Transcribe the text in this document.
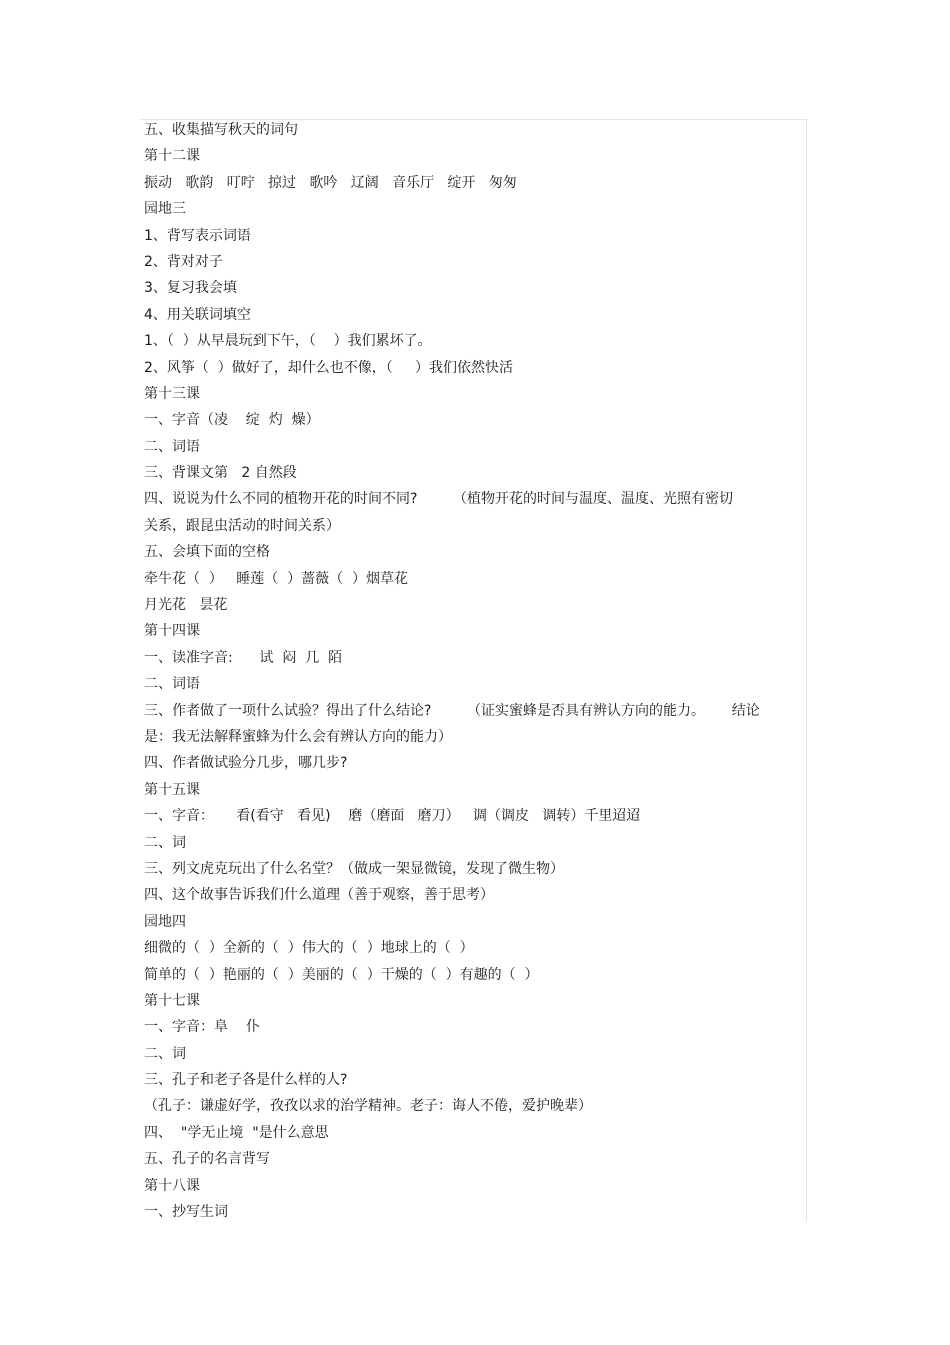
五、收集描写秋天的词句
第十二课
振动   歌韵   叮咛   掠过   歌吟   辽阔   音乐厅   绽开   匆匆
园地三
1、背写表示词语
2、背对对子
3、复习我会填
4、用关联词填空
1、（  ）从早晨玩到下午，（    ）我们累坏了。
2、风筝（  ）做好了，却什么也不像，（     ）我们依然快活
第十三课
一、字音（凌    绽  灼  燥）
二、词语
三、背课文第   2 自然段
四、说说为什么不同的植物开花的时间不同?        （植物开花的时间与温度、温度、光照有密切
关系，跟昆虫活动的时间关系）
五、会填下面的空格
牵牛花（  ）   睡莲（  ）蔷薇（  ）烟草花
月光花   昙花
第十四课
一、读准字音:      试  闷  几  陌
二、词语
三、作者做了一项什么试验？得出了什么结论?        （证实蜜蜂是否具有辨认方向的能力。      结论
是：我无法解释蜜蜂为什么会有辨认方向的能力）
四、作者做试验分几步，哪几步?
第十五课
一、字音：     看(看守   看见)    磨（磨面   磨刀）   调（调皮   调转）千里迢迢
二、词
三、列文虎克玩出了什么名堂？（做成一架显微镜，发现了微生物）
四、这个故事告诉我们什么道理（善于观察，善于思考）
园地四
细微的（  ）全新的（  ）伟大的（  ）地球上的（  ）
简单的（  ）艳丽的（  ）美丽的（  ）干燥的（  ）有趣的（  ）
第十七课
一、字音：阜    仆
二、词
三、孔子和老子各是什么样的人?
（孔子：谦虚好学，孜孜以求的治学精神。老子：诲人不倦，爱护晚辈）
四、  "学无止境  "是什么意思
五、孔子的名言背写
第十八课
一、抄写生词
